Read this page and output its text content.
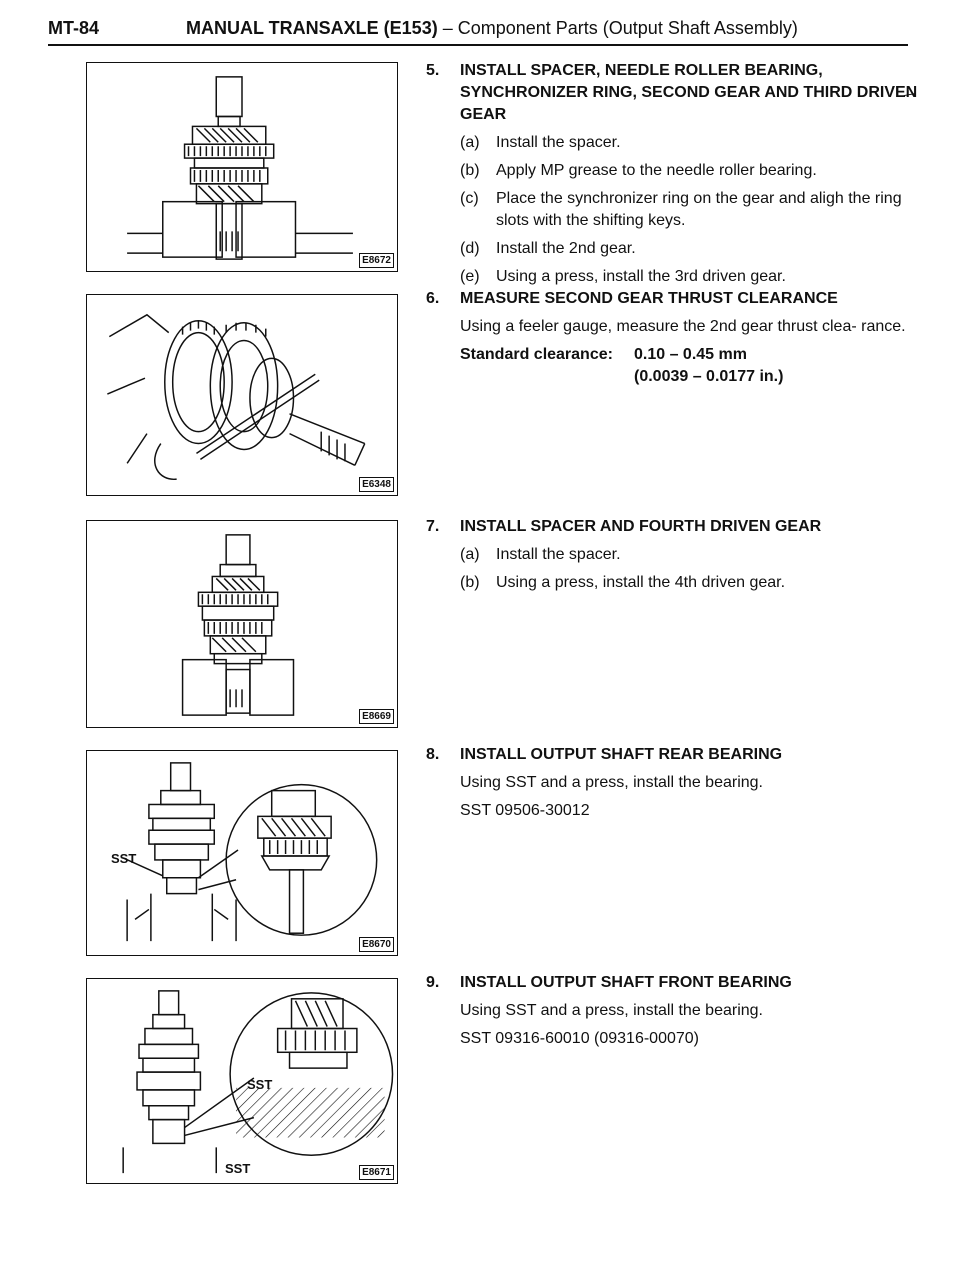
MT-84	MANUAL TRANSAXLE (E153) – Component Parts (Output Shaft Assembly)
E8672
E6348
E8669
SST
E8670
SST
SST	E8671
5. INSTALL SPACER, NEEDLE ROLLER BEARING, SYNCHRONIZER RING, SECOND GEAR AND THIRD DRIVEN GEAR
(a) Install the spacer.
(b) Apply MP grease to the needle roller bearing.
(c) Place the synchronizer ring on the gear and aligh the ring slots with the shifting keys.
(d) Install the 2nd gear.
(e) Using a press, install the 3rd driven gear.
6. MEASURE SECOND GEAR THRUST CLEARANCE
Using a feeler gauge, measure the 2nd gear thrust clea- rance.
Standard clearance: 0.10 – 0.45 mm
(0.0039 – 0.0177 in.)
7. INSTALL SPACER AND FOURTH DRIVEN GEAR
(a) Install the spacer.
(b) Using a press, install the 4th driven gear.
8. INSTALL OUTPUT SHAFT REAR BEARING
Using SST and a press, install the bearing.
SST 09506-30012
9. INSTALL OUTPUT SHAFT FRONT BEARING
Using SST and a press, install the bearing.
SST 09316-60010 (09316-00070)
